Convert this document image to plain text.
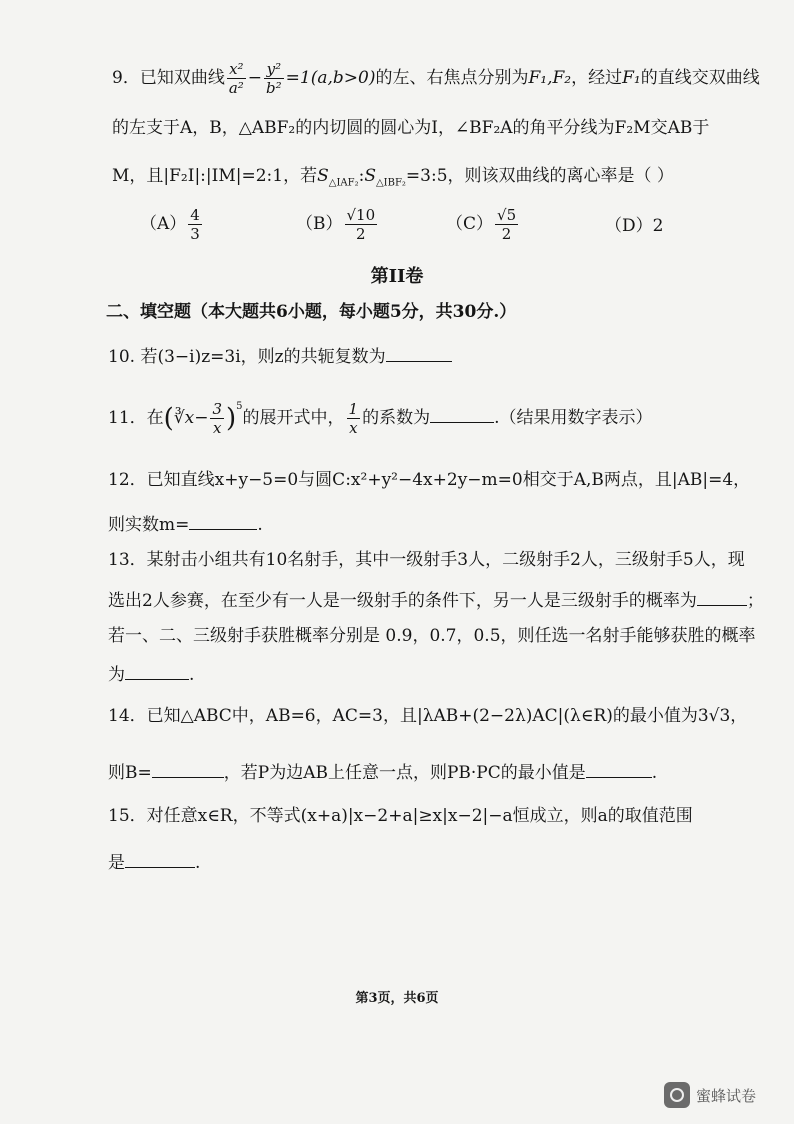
9．已知双曲线 $\frac{\text{x²}}{\text{a²}} - \frac{\text{y²}}{\text{b²}} =1(a,b>0)$的左、右焦点分别为F₁,F₂，经过F₁的直线交双曲线
的左支于A，B，△ABF₂的内切圆的圆心为I，∠BF₂A的角平分线为F₂M交AB于
M，且|F₂I|:|IM|=2:1，若$S_{\triangle IAF_2}:S_{\triangle IBF_2}=3:5$，则该双曲线的离心率是（ ）
$(A) \frac{4}{3}$	$(B) \frac{√10}{2}$	$(C) \frac{√5}{2}$	（D）2
第II卷
二、填空题（本大题共6小题，每小题5分，共30分.）
10. 若(3−i)z=3i，则z的共轭复数为
11．在(∛x− $\frac{3}{x} )^5$的展开式中， $\frac{1}{x}$ 的系数为	.（结果用数字表示）
12．已知直线x+y−5=0与圆C:x²+y²−4x+2y−m=0相交于A,B两点，且|AB|=4，
则实数m=	.
13．某射击小组共有10名射手，其中一级射手3人，二级射手2人，三级射手5人，现
选出2人参赛，在至少有一人是一级射手的条件下，另一人是三级射手的概率为	；
若一、二、三级射手获胜概率分别是 0.9，0.7，0.5，则任选一名射手能够获胜的概率
为	.
14．已知△ABC中，AB=6，AC=3，且|λAB+(2−2λ)AC|(λ∈R)的最小值为3√3，
则B=	，若P为边AB上任意一点，则PB·PC的最小值是	.
15．对任意x∈R，不等式(x+a)|x−2+a|≥x|x−2|−a恒成立，则a的取值范围
是	.
第3页，共6页
蜜蜂试卷
